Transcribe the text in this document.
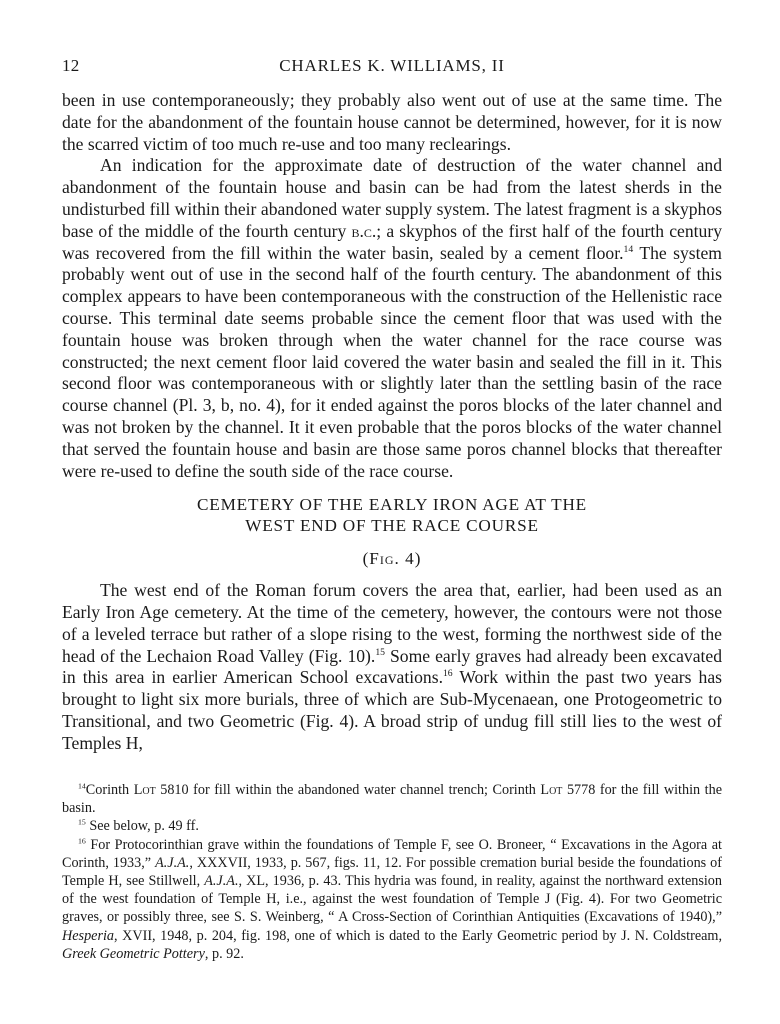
12	CHARLES K. WILLIAMS, II

been in use contemporaneously; they probably also went out of use at the same time. The date for the abandonment of the fountain house cannot be determined, however, for it is now the scarred victim of too much re-use and too many reclearings.

An indication for the approximate date of destruction of the water channel and abandonment of the fountain house and basin can be had from the latest sherds in the undisturbed fill within their abandoned water supply system. The latest fragment is a skyphos base of the middle of the fourth century b.c.; a skyphos of the first half of the fourth century was recovered from the fill within the water basin, sealed by a cement floor.$^{14}$ The system probably went out of use in the second half of the fourth century. The abandonment of this complex appears to have been contemporaneous with the construction of the Hellenistic race course. This terminal date seems probable since the cement floor that was used with the fountain house was broken through when the water channel for the race course was constructed; the next cement floor laid covered the water basin and sealed the fill in it. This second floor was contemporaneous with or slightly later than the settling basin of the race course channel (Pl. 3, b, no. 4), for it ended against the poros blocks of the later channel and was not broken by the channel. It it even probable that the poros blocks of the water channel that served the fountain house and basin are those same poros channel blocks that thereafter were re-used to define the south side of the race course.

CEMETERY OF THE EARLY IRON AGE AT THE
WEST END OF THE RACE COURSE
(Fig. 4)

The west end of the Roman forum covers the area that, earlier, had been used as an Early Iron Age cemetery. At the time of the cemetery, however, the contours were not those of a leveled terrace but rather of a slope rising to the west, forming the northwest side of the head of the Lechaion Road Valley (Fig. 10).$^{15}$ Some early graves had already been excavated in this area in earlier American School excavations.$^{16}$ Work within the past two years has brought to light six more burials, three of which are Sub-Mycenaean, one Protogeometric to Transitional, and two Geometric (Fig. 4). A broad strip of undug fill still lies to the west of Temples H,

$^{14}$Corinth Lot 5810 for fill within the abandoned water channel trench; Corinth Lot 5778 for the fill within the basin.

$^{15}$ See below, p. 49 ff.

$^{16}$ For Protocorinthian grave within the foundations of Temple F, see O. Broneer, “ Excavations in the Agora at Corinth, 1933,” A.J.A., XXXVII, 1933, p. 567, figs. 11, 12. For possible cremation burial beside the foundations of Temple H, see Stillwell, A.J.A., XL, 1936, p. 43. This hydria was found, in reality, against the northward extension of the west foundation of Temple H, i.e., against the west foundation of Temple J (Fig. 4). For two Geometric graves, or possibly three, see S. S. Weinberg, “ A Cross-Section of Corinthian Antiquities (Excavations of 1940),” Hesperia, XVII, 1948, p. 204, fig. 198, one of which is dated to the Early Geometric period by J. N. Coldstream, Greek Geometric Pottery, p. 92.
